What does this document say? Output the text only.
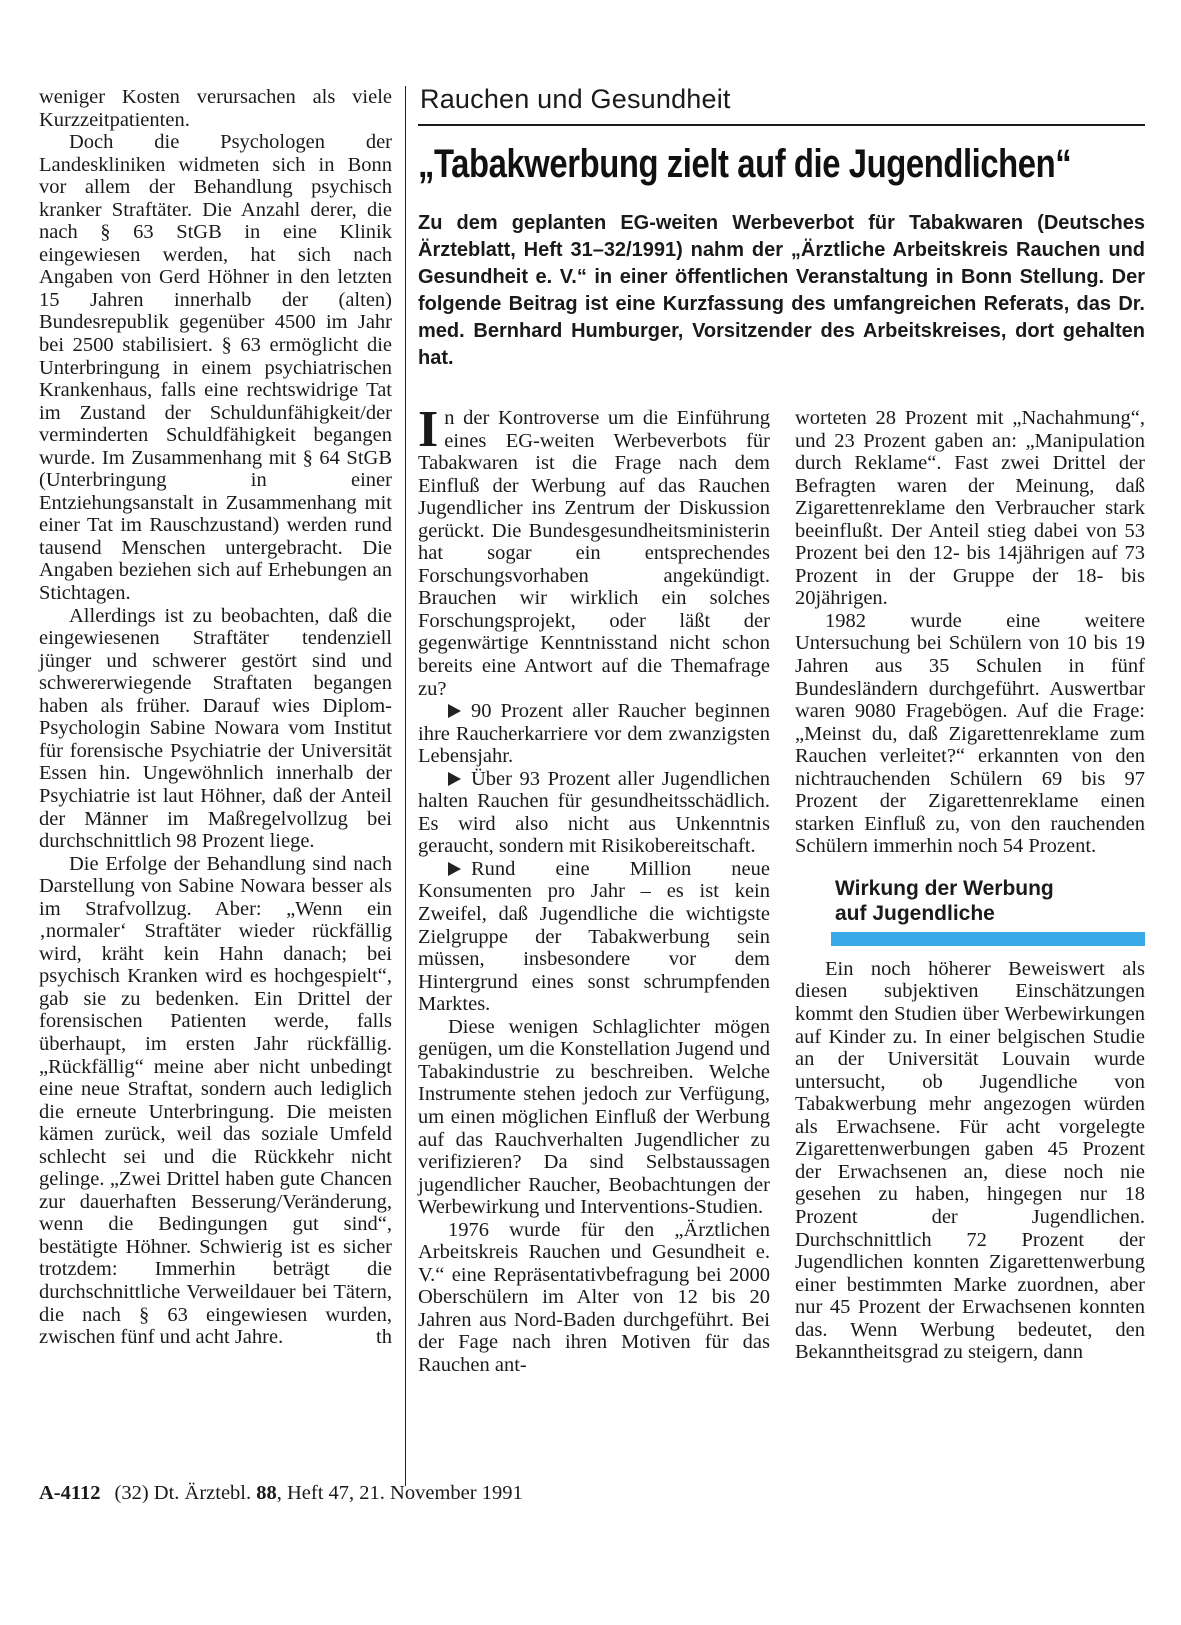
weniger Kosten verursachen als viele Kurzzeitpatienten.

Doch die Psychologen der Landeskliniken widmeten sich in Bonn vor allem der Behandlung psychisch kranker Straftäter. Die Anzahl derer, die nach § 63 StGB in eine Klinik eingewiesen werden, hat sich nach Angaben von Gerd Höhner in den letzten 15 Jahren innerhalb der (alten) Bundesrepublik gegenüber 4500 im Jahr bei 2500 stabilisiert. § 63 ermöglicht die Unterbringung in einem psychiatrischen Krankenhaus, falls eine rechtswidrige Tat im Zustand der Schuldunfähigkeit/der verminderten Schuldfähigkeit begangen wurde. Im Zusammenhang mit § 64 StGB (Unterbringung in einer Entziehungsanstalt in Zusammenhang mit einer Tat im Rauschzustand) werden rund tausend Menschen untergebracht. Die Angaben beziehen sich auf Erhebungen an Stichtagen.

Allerdings ist zu beobachten, daß die eingewiesenen Straftäter tendenziell jünger und schwerer gestört sind und schwererwiegende Straftaten begangen haben als früher. Darauf wies Diplom-Psychologin Sabine Nowara vom Institut für forensische Psychiatrie der Universität Essen hin. Ungewöhnlich innerhalb der Psychiatrie ist laut Höhner, daß der Anteil der Männer im Maßregelvollzug bei durchschnittlich 98 Prozent liege.

Die Erfolge der Behandlung sind nach Darstellung von Sabine Nowara besser als im Strafvollzug. Aber: „Wenn ein ‚normaler‘ Straftäter wieder rückfällig wird, kräht kein Hahn danach; bei psychisch Kranken wird es hochgespielt“, gab sie zu bedenken. Ein Drittel der forensischen Patienten werde, falls überhaupt, im ersten Jahr rückfällig. „Rückfällig“ meine aber nicht unbedingt eine neue Straftat, sondern auch lediglich die erneute Unterbringung. Die meisten kämen zurück, weil das soziale Umfeld schlecht sei und die Rückkehr nicht gelinge. „Zwei Drittel haben gute Chancen zur dauerhaften Besserung/Veränderung, wenn die Bedingungen gut sind“, bestätigte Höhner. Schwierig ist es sicher trotzdem: Immerhin beträgt die durchschnittliche Verweildauer bei Tätern, die nach § 63 eingewiesen wurden, zwischen fünf und acht Jahre.	th

Rauchen und Gesundheit
„Tabakwerbung zielt auf die Jugendlichen“
Zu dem geplanten EG-weiten Werbeverbot für Tabakwaren (Deutsches Ärzteblatt, Heft 31–32/1991) nahm der „Ärztliche Arbeitskreis Rauchen und Gesundheit e. V.“ in einer öffentlichen Veranstaltung in Bonn Stellung. Der folgende Beitrag ist eine Kurzfassung des umfangreichen Referats, das Dr. med. Bernhard Humburger, Vorsitzender des Arbeitskreises, dort gehalten hat.

In der Kontroverse um die Einführung eines EG-weiten Werbeverbots für Tabakwaren ist die Frage nach dem Einfluß der Werbung auf das Rauchen Jugendlicher ins Zentrum der Diskussion gerückt. Die Bundesgesundheitsministerin hat sogar ein entsprechendes Forschungsvorhaben angekündigt. Brauchen wir wirklich ein solches Forschungsprojekt, oder läßt der gegenwärtige Kenntnisstand nicht schon bereits eine Antwort auf die Themafrage zu?

90 Prozent aller Raucher beginnen ihre Raucherkarriere vor dem zwanzigsten Lebensjahr.

Über 93 Prozent aller Jugendlichen halten Rauchen für gesundheitsschädlich. Es wird also nicht aus Unkenntnis geraucht, sondern mit Risikobereitschaft.

Rund eine Million neue Konsumenten pro Jahr – es ist kein Zweifel, daß Jugendliche die wichtigste Zielgruppe der Tabakwerbung sein müssen, insbesondere vor dem Hintergrund eines sonst schrumpfenden Marktes.

Diese wenigen Schlaglichter mögen genügen, um die Konstellation Jugend und Tabakindustrie zu beschreiben. Welche Instrumente stehen jedoch zur Verfügung, um einen möglichen Einfluß der Werbung auf das Rauchverhalten Jugendlicher zu verifizieren? Da sind Selbstaussagen jugendlicher Raucher, Beobachtungen der Werbewirkung und Interventions-Studien.

1976 wurde für den „Ärztlichen Arbeitskreis Rauchen und Gesundheit e. V.“ eine Repräsentativbefragung bei 2000 Oberschülern im Alter von 12 bis 20 Jahren aus Nord-Baden durchgeführt. Bei der Fage nach ihren Motiven für das Rauchen ant-

worteten 28 Prozent mit „Nachahmung“, und 23 Prozent gaben an: „Manipulation durch Reklame“. Fast zwei Drittel der Befragten waren der Meinung, daß Zigarettenreklame den Verbraucher stark beeinflußt. Der Anteil stieg dabei von 53 Prozent bei den 12- bis 14jährigen auf 73 Prozent in der Gruppe der 18- bis 20jährigen.

1982 wurde eine weitere Untersuchung bei Schülern von 10 bis 19 Jahren aus 35 Schulen in fünf Bundesländern durchgeführt. Auswertbar waren 9080 Fragebögen. Auf die Frage: „Meinst du, daß Zigarettenreklame zum Rauchen verleitet?“ erkannten von den nichtrauchenden Schülern 69 bis 97 Prozent der Zigarettenreklame einen starken Einfluß zu, von den rauchenden Schülern immerhin noch 54 Prozent.

Wirkung der Werbung
auf Jugendliche

Ein noch höherer Beweiswert als diesen subjektiven Einschätzungen kommt den Studien über Werbewirkungen auf Kinder zu. In einer belgischen Studie an der Universität Louvain wurde untersucht, ob Jugendliche von Tabakwerbung mehr angezogen würden als Erwachsene. Für acht vorgelegte Zigarettenwerbungen gaben 45 Prozent der Erwachsenen an, diese noch nie gesehen zu haben, hingegen nur 18 Prozent der Jugendlichen. Durchschnittlich 72 Prozent der Jugendlichen konnten Zigarettenwerbung einer bestimmten Marke zuordnen, aber nur 45 Prozent der Erwachsenen konnten das. Wenn Werbung bedeutet, den Bekanntheitsgrad zu steigern, dann

A-4112 (32) Dt. Ärztebl. 88, Heft 47, 21. November 1991
